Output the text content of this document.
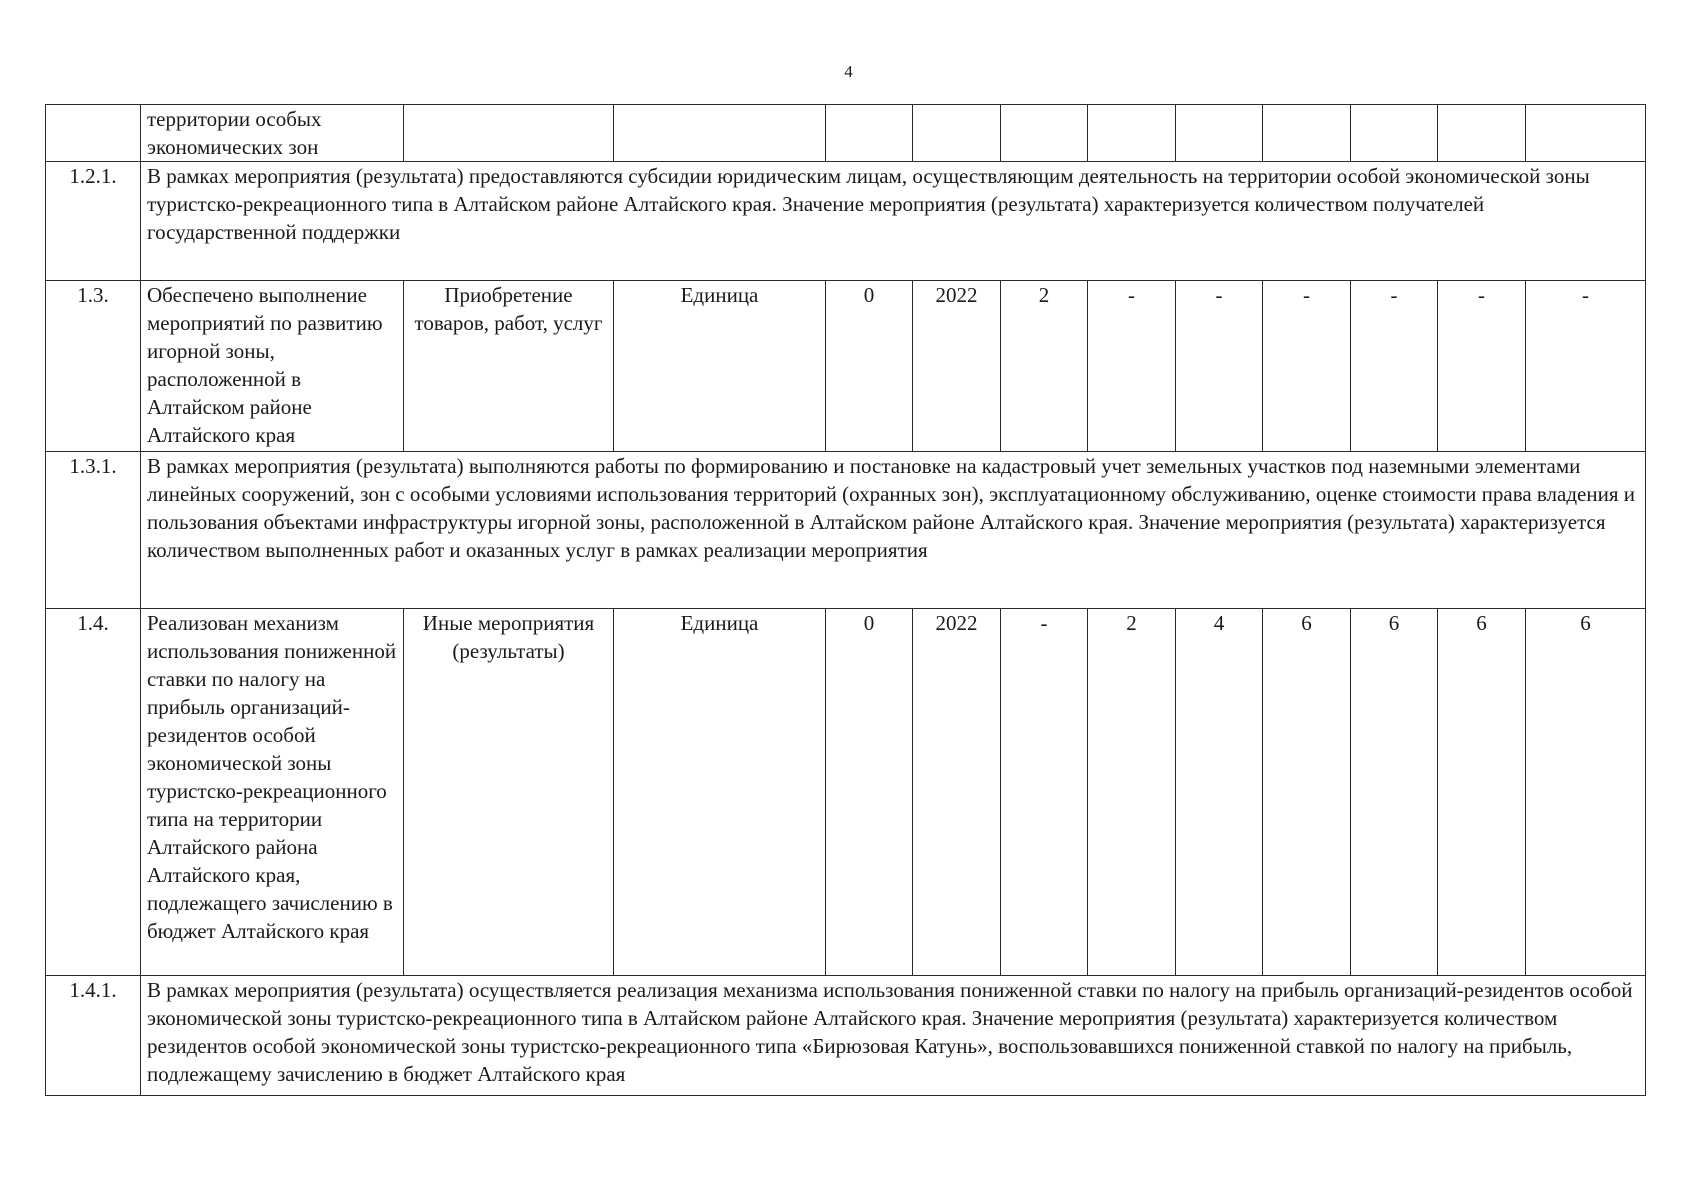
4
	территории особых экономических зон											
1.2.1.	В рамках мероприятия (результата) предоставляются субсидии юридическим лицам, осуществляющим деятельность на территории особой экономической зоны туристско-рекреационного типа в Алтайском районе Алтайского края. Значение мероприятия (результата) характеризуется количеством получателей государственной поддержки											
1.3.	Обеспечено выполнение мероприятий по развитию игорной зоны, расположенной в Алтайском районе Алтайского края	Приобретение товаров, работ, услуг	Единица	0	2022	2	-	-	-	-	-	-
1.3.1.	В рамках мероприятия (результата) выполняются работы по формированию и постановке на кадастровый учет земельных участков под наземными элементами линейных сооружений, зон с особыми условиями использования территорий (охранных зон), эксплуатационному обслуживанию, оценке стоимости права владения и пользования объектами инфраструктуры игорной зоны, расположенной в Алтайском районе Алтайского края. Значение мероприятия (результата) характеризуется количеством выполненных работ и оказанных услуг в рамках реализации мероприятия											
1.4.	Реализован механизм использования пониженной ставки по налогу на прибыль организаций-резидентов особой экономической зоны туристско-рекреационного типа на территории Алтайского района Алтайского края, подлежащего зачислению в бюджет Алтайского края	Иные мероприятия (результаты)	Единица	0	2022	-	2	4	6	6	6	6
1.4.1.	В рамках мероприятия (результата) осуществляется реализация механизма использования пониженной ставки по налогу на прибыль организаций-резидентов особой экономической зоны туристско-рекреационного типа в Алтайском районе Алтайского края. Значение мероприятия (результата) характеризуется количеством резидентов особой экономической зоны туристско-рекреационного типа «Бирюзовая Катунь», воспользовавшихся пониженной ставкой по налогу на прибыль, подлежащему зачислению в бюджет Алтайского края											
